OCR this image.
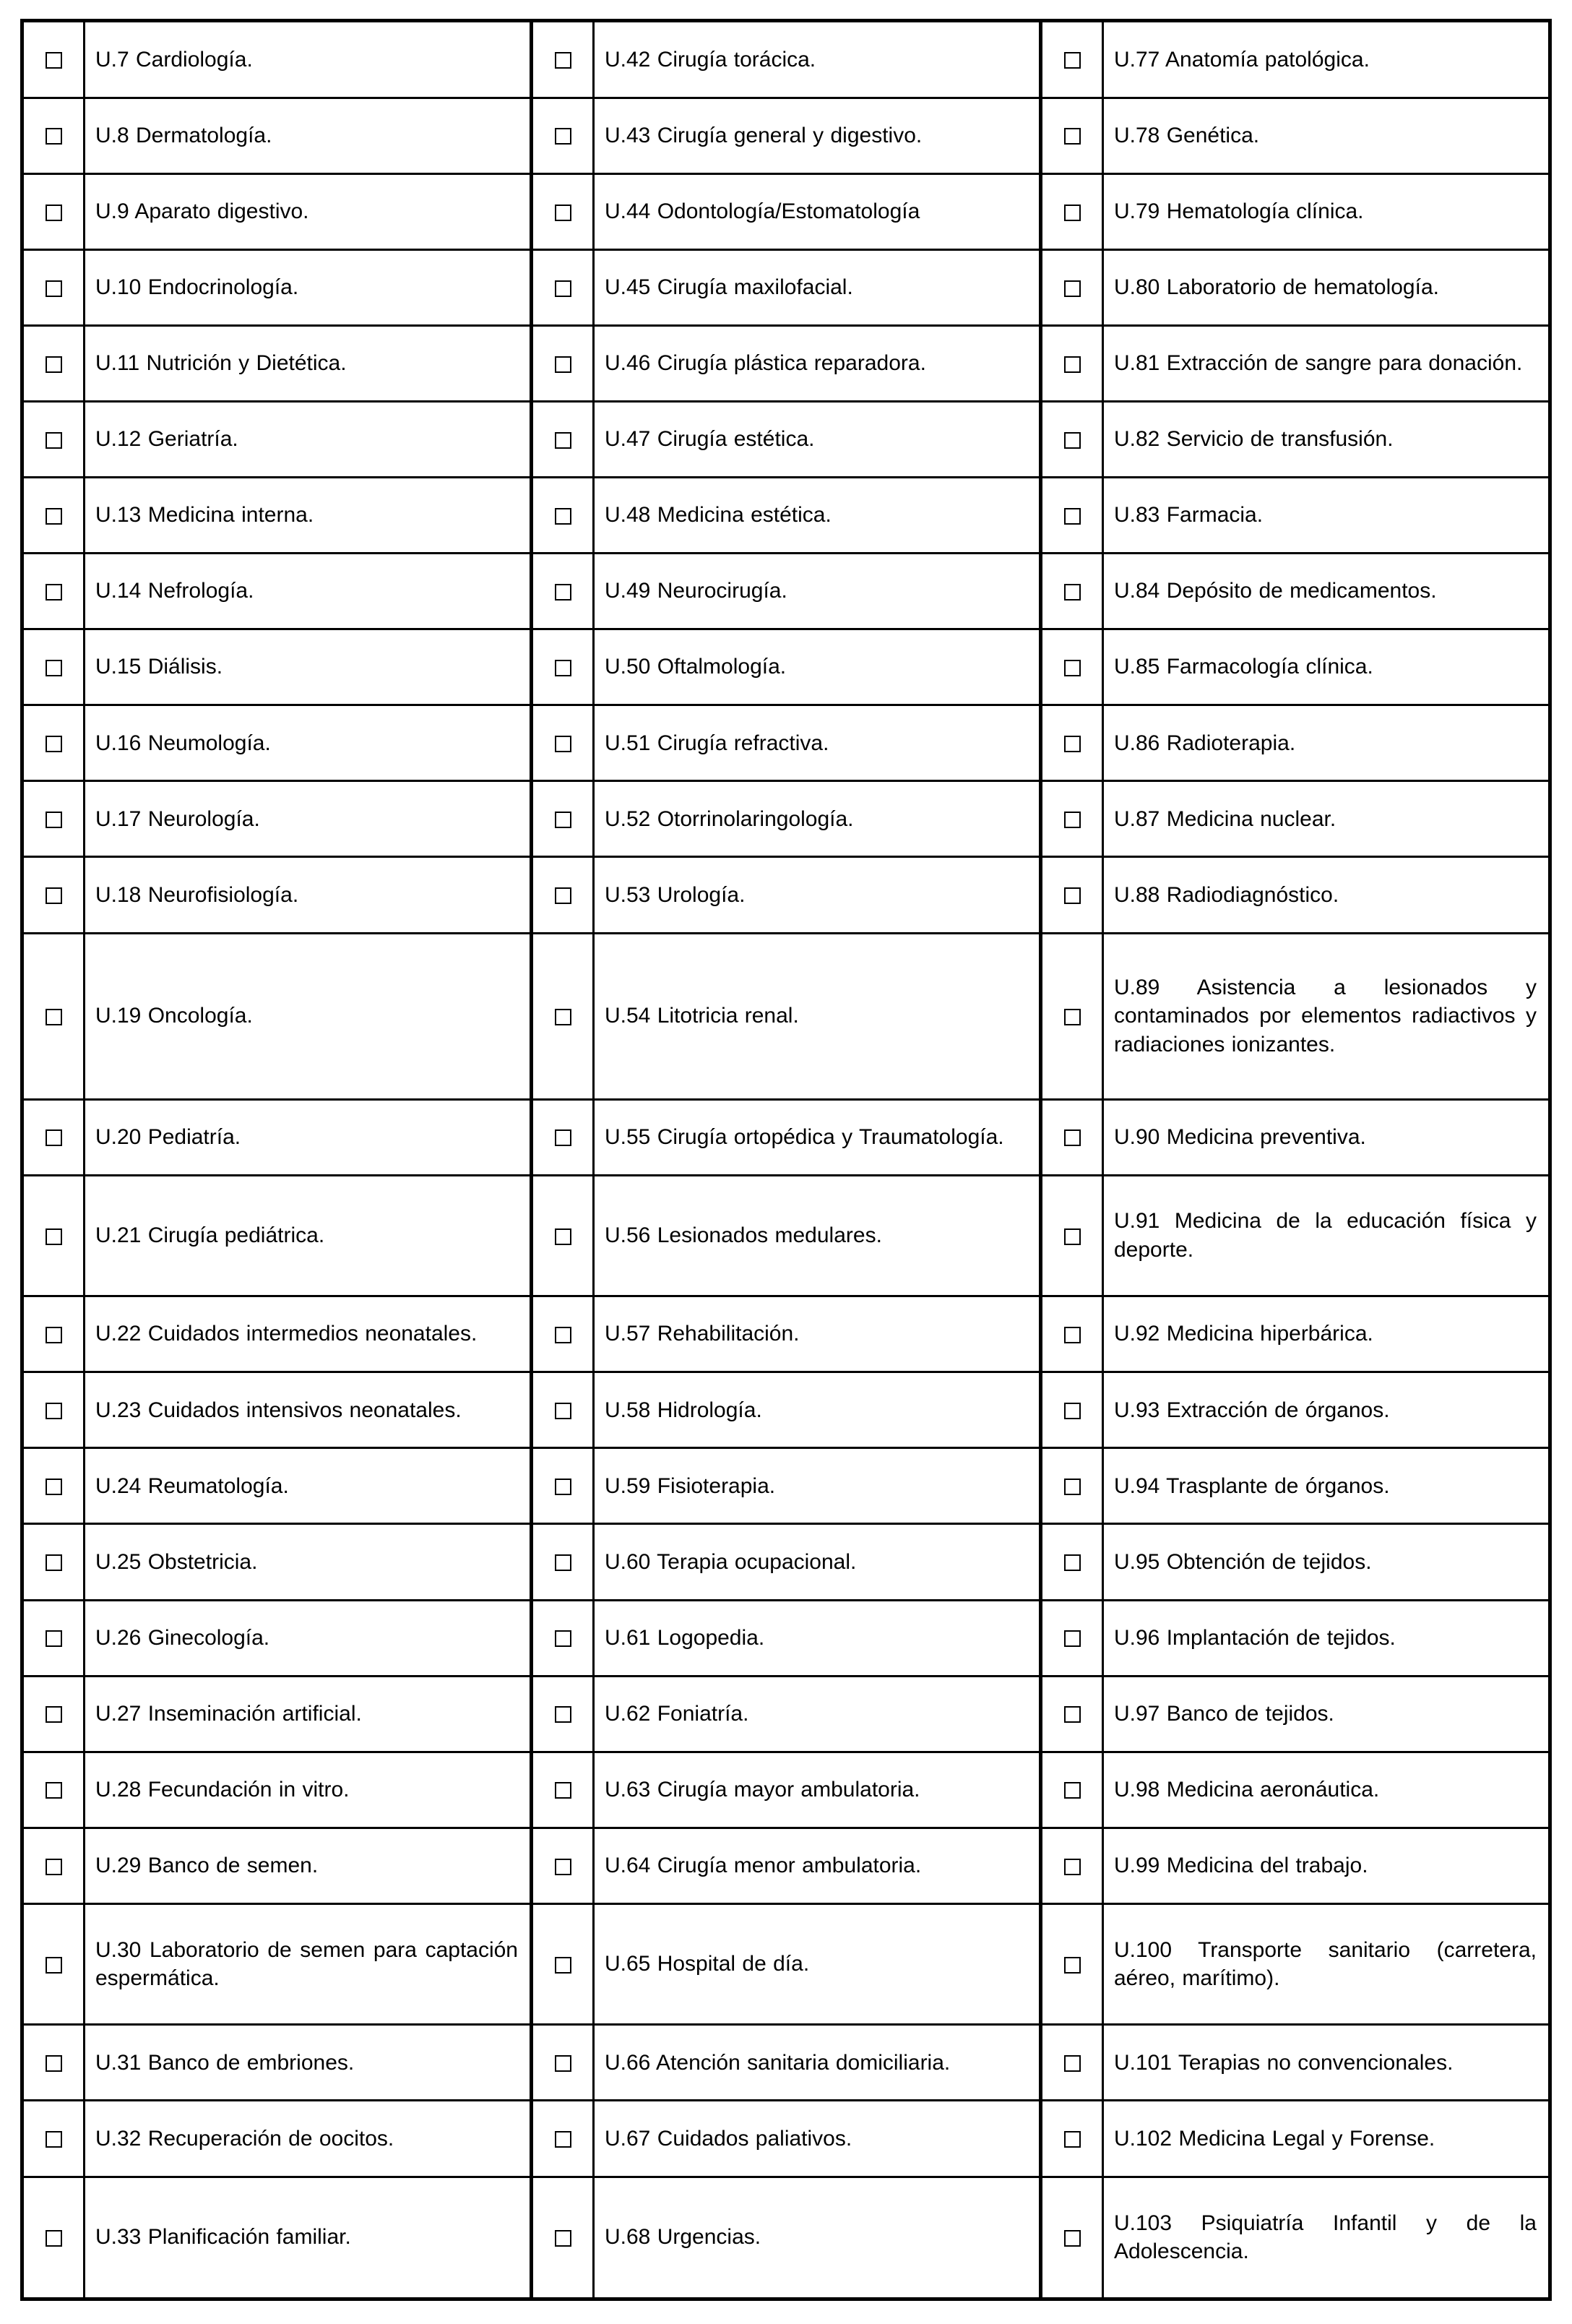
	U.7 Cardiología.		U.42 Cirugía torácica.		U.77 Anatomía patológica.
	U.8 Dermatología.		U.43 Cirugía general y digestivo.		U.78 Genética.
	U.9 Aparato digestivo.		U.44 Odontología/Estomatología		U.79 Hematología clínica.
	U.10 Endocrinología.		U.45 Cirugía maxilofacial.		U.80 Laboratorio de hematología.
	U.11 Nutrición y Dietética.		U.46 Cirugía plástica reparadora.		U.81 Extracción de sangre para donación.
	U.12 Geriatría.		U.47 Cirugía estética.		U.82 Servicio de transfusión.
	U.13 Medicina interna.		U.48 Medicina estética.		U.83 Farmacia.
	U.14 Nefrología.		U.49 Neurocirugía.		U.84 Depósito de medicamentos.
	U.15 Diálisis.		U.50 Oftalmología.		U.85 Farmacología clínica.
	U.16 Neumología.		U.51 Cirugía refractiva.		U.86 Radioterapia.
	U.17 Neurología.		U.52 Otorrinolaringología.		U.87 Medicina nuclear.
	U.18 Neurofisiología.		U.53 Urología.		U.88 Radiodiagnóstico.
	U.19 Oncología.		U.54 Litotricia renal.		U.89 Asistencia a lesionados y contaminados por elementos radiactivos y radiaciones ionizantes.
	U.20 Pediatría.		U.55 Cirugía ortopédica y Traumatología.		U.90 Medicina preventiva.
	U.21 Cirugía pediátrica.		U.56 Lesionados medulares.		U.91 Medicina de la educación física y deporte.
	U.22 Cuidados intermedios neonatales.		U.57 Rehabilitación.		U.92 Medicina hiperbárica.
	U.23 Cuidados intensivos neonatales.		U.58 Hidrología.		U.93 Extracción de órganos.
	U.24 Reumatología.		U.59 Fisioterapia.		U.94 Trasplante de órganos.
	U.25 Obstetricia.		U.60 Terapia ocupacional.		U.95 Obtención de tejidos.
	U.26 Ginecología.		U.61 Logopedia.		U.96 Implantación de tejidos.
	U.27 Inseminación artificial.		U.62 Foniatría.		U.97 Banco de tejidos.
	U.28 Fecundación in vitro.		U.63 Cirugía mayor ambulatoria.		U.98 Medicina aeronáutica.
	U.29 Banco de semen.		U.64 Cirugía menor ambulatoria.		U.99 Medicina del trabajo.
	U.30 Laboratorio de semen para captación espermática.		U.65 Hospital de día.		U.100 Transporte sanitario (carretera, aéreo, marítimo).
	U.31 Banco de embriones.		U.66 Atención sanitaria domiciliaria.		U.101 Terapias no convencionales.
	U.32 Recuperación de oocitos.		U.67 Cuidados paliativos.		U.102 Medicina Legal y Forense.
	U.33 Planificación familiar.		U.68 Urgencias.		U.103 Psiquiatría Infantil y de la Adolescencia.
